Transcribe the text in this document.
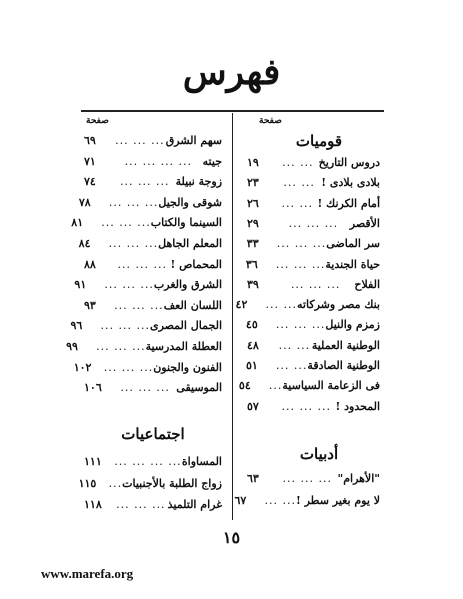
فهرس
صفحة
قوميات
أدبيات
دروس التاريخ
... ...
١٩
بلادى بلادى !
... ...
٢٣
أمام الكرنك !
... ...
٢٦
الأقصر
... ... ...
٢٩
سر الماضى
... ... ...
٣٣
حياة الجندية
... ... ...
٣٦
الفلاح
... ... ...
٣٩
بنك مصر وشركاته
... ...
٤٢
زمزم والنيل
... ... ...
٤٥
الوطنية العملية
... ...
٤٨
الوطنية الصادقة
... ...
٥١
فى الزعامة السياسية
...
٥٤
المحدود !
... ... ...
٥٧
"الأهرام"
... ... ...
٦٣
لا يوم بغير سطر !
... ...
٦٧
صفحة
اجتماعيات
سهم الشرق
... ... ...
٦٩
جيته
... ... ... ...
٧١
زوجة نبيلة
... ... ...
٧٤
شوقى والجيل
... ... ...
٧٨
السينما والكتاب
... ... ...
٨١
المعلم الجاهل
... ... ...
٨٤
المحماص !
... ... ...
٨٨
الشرق والغرب
... ... ...
٩١
اللسان العف
... ... ...
٩٣
الجمال المصرى
... ... ...
٩٦
العطلة المدرسية
... ... ...
٩٩
الفنون والجنون
... ... ...
١٠٢
الموسيقى
... ... ...
١٠٦
المساواة
... ... ... ...
١١١
زواج الطلبة بالأجنبيات
...
١١٥
غرام التلميذ
... ... ...
١١٨
١٥
www.marefa.org
